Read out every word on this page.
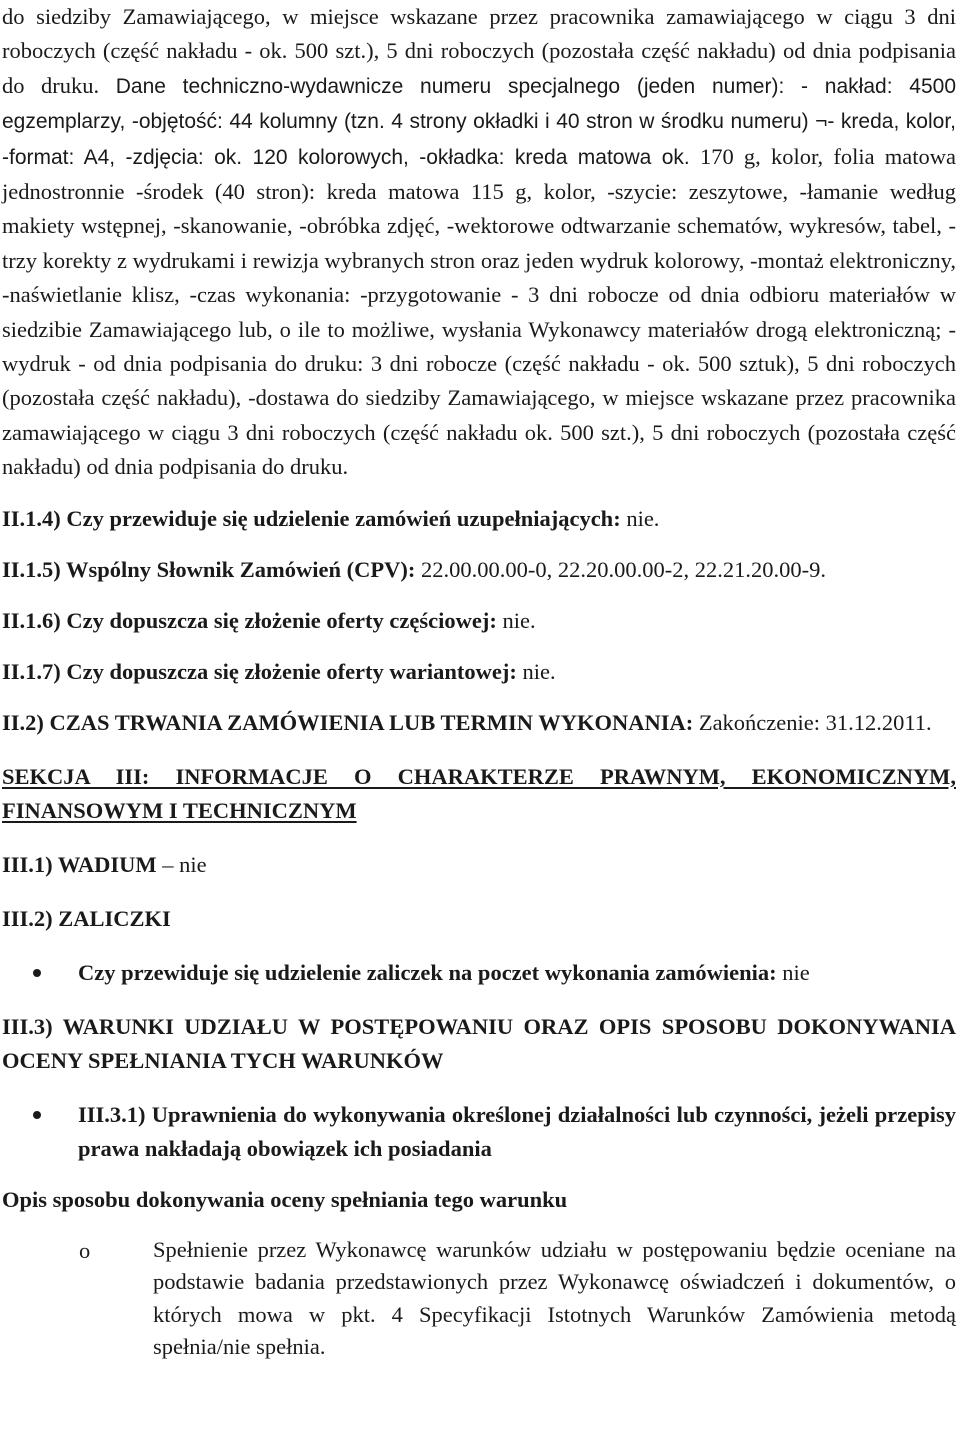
do siedziby Zamawiającego, w miejsce wskazane przez pracownika zamawiającego w ciągu 3 dni roboczych (część nakładu - ok. 500 szt.), 5 dni roboczych (pozostała część nakładu) od dnia podpisania do druku. Dane techniczno-wydawnicze numeru specjalnego (jeden numer): - nakład: 4500 egzemplarzy, -objętość: 44 kolumny (tzn. 4 strony okładki i 40 stron w środku numeru) ¬- kreda, kolor, -format: A4, -zdjęcia: ok. 120 kolorowych, -okładka: kreda matowa ok. 170 g, kolor, folia matowa jednostronnie -środek (40 stron): kreda matowa 115 g, kolor, -szycie: zeszytowe, -łamanie według makiety wstępnej, -skanowanie, -obróbka zdjęć, -wektorowe odtwarzanie schematów, wykresów, tabel, -trzy korekty z wydrukami i rewizja wybranych stron oraz jeden wydruk kolorowy, -montaż elektroniczny, -naświetlanie klisz, -czas wykonania: -przygotowanie - 3 dni robocze od dnia odbioru materiałów w siedzibie Zamawiającego lub, o ile to możliwe, wysłania Wykonawcy materiałów drogą elektroniczną; -wydruk - od dnia podpisania do druku: 3 dni robocze (część nakładu - ok. 500 sztuk), 5 dni roboczych (pozostała część nakładu), -dostawa do siedziby Zamawiającego, w miejsce wskazane przez pracownika zamawiającego w ciągu 3 dni roboczych (część nakładu ok. 500 szt.), 5 dni roboczych (pozostała część nakładu) od dnia podpisania do druku.

II.1.4) Czy przewiduje się udzielenie zamówień uzupełniających: nie.

II.1.5) Wspólny Słownik Zamówień (CPV): 22.00.00.00-0, 22.20.00.00-2, 22.21.20.00-9.

II.1.6) Czy dopuszcza się złożenie oferty częściowej: nie.

II.1.7) Czy dopuszcza się złożenie oferty wariantowej: nie.

II.2) CZAS TRWANIA ZAMÓWIENIA LUB TERMIN WYKONANIA: Zakończenie: 31.12.2011.

SEKCJA III: INFORMACJE O CHARAKTERZE PRAWNYM, EKONOMICZNYM, FINANSOWYM I TECHNICZNYM

III.1) WADIUM – nie

III.2) ZALICZKI

Czy przewiduje się udzielenie zaliczek na poczet wykonania zamówienia: nie

III.3) WARUNKI UDZIAŁU W POSTĘPOWANIU ORAZ OPIS SPOSOBU DOKONYWANIA OCENY SPEŁNIANIA TYCH WARUNKÓW

III.3.1) Uprawnienia do wykonywania określonej działalności lub czynności, jeżeli przepisy prawa nakładają obowiązek ich posiadania

Opis sposobu dokonywania oceny spełniania tego warunku

o	Spełnienie przez Wykonawcę warunków udziału w postępowaniu będzie oceniane na podstawie badania przedstawionych przez Wykonawcę oświadczeń i dokumentów, o których mowa w pkt. 4 Specyfikacji Istotnych Warunków Zamówienia metodą spełnia/nie spełnia.
